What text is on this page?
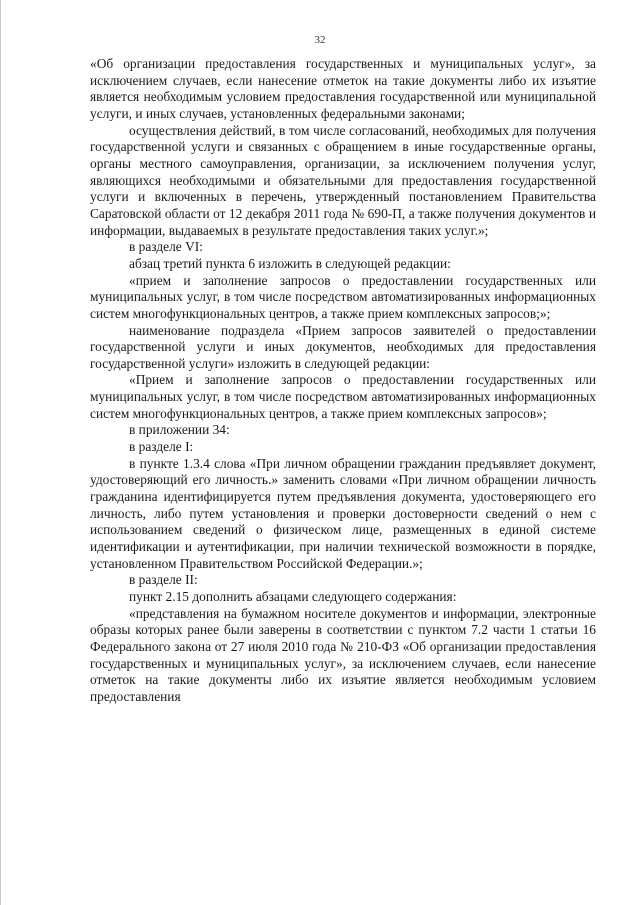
32

«Об организации предоставления государственных и муниципальных услуг», за исключением случаев, если нанесение отметок на такие документы либо их изъятие является необходимым условием предоставления государственной или муниципальной услуги, и иных случаев, установленных федеральными законами;

осуществления действий, в том числе согласований, необходимых для получения государственной услуги и связанных с обращением в иные государственные органы, органы местного самоуправления, организации, за исключением получения услуг, являющихся необходимыми и обязательными для предоставления государственной услуги и включенных в перечень, утвержденный постановлением Правительства Саратовской области от 12 декабря 2011 года № 690-П, а также получения документов и информации, выдаваемых в результате предоставления таких услуг.»;

в разделе VI:

абзац третий пункта 6 изложить в следующей редакции:

«прием и заполнение запросов о предоставлении государственных или муниципальных услуг, в том числе посредством автоматизированных информационных систем многофункциональных центров, а также прием комплексных запросов;»;

наименование подраздела «Прием запросов заявителей о предоставлении государственной услуги и иных документов, необходимых для предоставления государственной услуги» изложить в следующей редакции:

«Прием и заполнение запросов о предоставлении государственных или муниципальных услуг, в том числе посредством автоматизированных информационных систем многофункциональных центров, а также прием комплексных запросов»;

в приложении 34:

в разделе I:

в пункте 1.3.4 слова «При личном обращении гражданин предъявляет документ, удостоверяющий его личность.» заменить словами «При личном обращении личность гражданина идентифицируется путем предъявления документа, удостоверяющего его личность, либо путем установления и проверки достоверности сведений о нем с использованием сведений о физическом лице, размещенных в единой системе идентификации и аутентификации, при наличии технической возможности в порядке, установленном Правительством Российской Федерации.»;

в разделе II:

пункт 2.15 дополнить абзацами следующего содержания:

«представления на бумажном носителе документов и информации, электронные образы которых ранее были заверены в соответствии с пунктом 7.2 части 1 статьи 16 Федерального закона от 27 июля 2010 года № 210-ФЗ «Об организации предоставления государственных и муниципальных услуг», за исключением случаев, если нанесение отметок на такие документы либо их изъятие является необходимым условием предоставления
